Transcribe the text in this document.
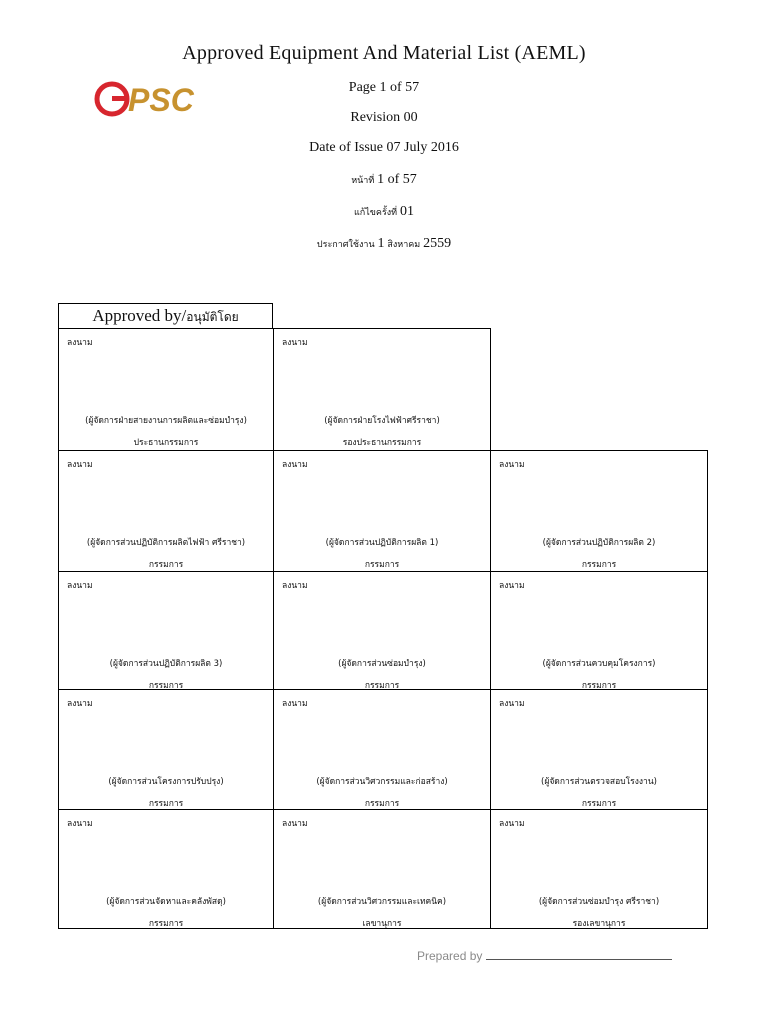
Approved Equipment And Material List (AEML)
PSC	Page 1 of 57
Revision 00
Date of Issue 07 July 2016
หน้าที่ 1 of 57
แก้ไขครั้งที่ 01
ประกาศใช้งาน 1 สิงหาคม 2559
Approved by/อนุมัติโดย
ลงนาม
(ผู้จัดการฝ่ายสายงานการผลิตและซ่อมบำรุง)
ประธานกรรมการ
ลงนาม
(ผู้จัดการฝ่ายโรงไฟฟ้าศรีราชา)
รองประธานกรรมการ
ลงนาม
(ผู้จัดการส่วนปฏิบัติการผลิตไฟฟ้า ศรีราชา)
กรรมการ
ลงนาม
(ผู้จัดการส่วนปฏิบัติการผลิต 1)
กรรมการ
ลงนาม
(ผู้จัดการส่วนปฏิบัติการผลิต 2)
กรรมการ
ลงนาม
(ผู้จัดการส่วนปฏิบัติการผลิต 3)
กรรมการ
ลงนาม
(ผู้จัดการส่วนซ่อมบำรุง)
กรรมการ
ลงนาม
(ผู้จัดการส่วนควบคุมโครงการ)
กรรมการ
ลงนาม
(ผู้จัดการส่วนโครงการปรับปรุง)
กรรมการ
ลงนาม
(ผู้จัดการส่วนวิศวกรรมและก่อสร้าง)
กรรมการ
ลงนาม
(ผู้จัดการส่วนตรวจสอบโรงงาน)
กรรมการ
ลงนาม
(ผู้จัดการส่วนจัดหาและคลังพัสดุ)
กรรมการ
ลงนาม
(ผู้จัดการส่วนวิศวกรรมและเทคนิค)
เลขานุการ
ลงนาม
(ผู้จัดการส่วนซ่อมบำรุง ศรีราชา)
รองเลขานุการ
Prepared by
